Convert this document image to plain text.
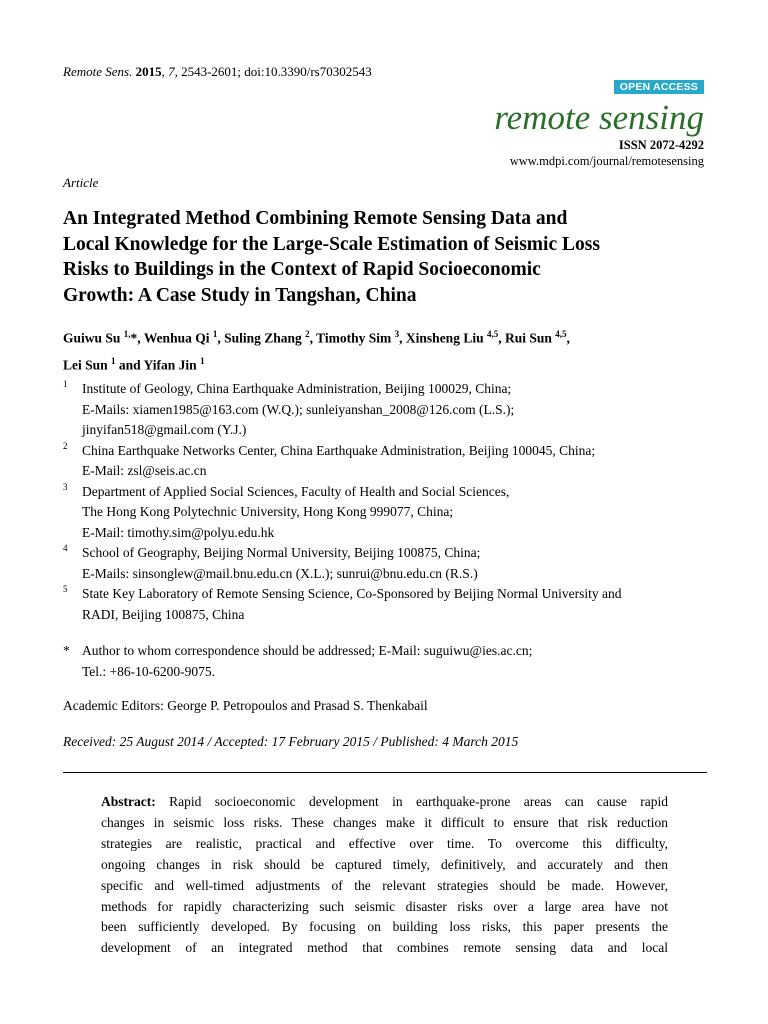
Remote Sens. 2015, 7, 2543-2601; doi:10.3390/rs70302543
OPEN ACCESS
remote sensing
ISSN 2072-4292
www.mdpi.com/journal/remotesensing
Article
An Integrated Method Combining Remote Sensing Data and
Local Knowledge for the Large-Scale Estimation of Seismic Loss
Risks to Buildings in the Context of Rapid Socioeconomic
Growth: A Case Study in Tangshan, China
Guiwu Su $^{1,}$*, Wenhua Qi $^1$, Suling Zhang $^2$, Timothy Sim $^3$, Xinsheng Liu $^{4,5}$, Rui Sun $^{4,5}$,
Lei Sun $^1$ and Yifan Jin $^1$
1 Institute of Geology, China Earthquake Administration, Beijing 100029, China;
E-Mails: xiamen1985@163.com (W.Q.); sunleiyanshan_2008@126.com (L.S.);
jinyifan518@gmail.com (Y.J.)
2 China Earthquake Networks Center, China Earthquake Administration, Beijing 100045, China;
E-Mail: zsl@seis.ac.cn
3 Department of Applied Social Sciences, Faculty of Health and Social Sciences,
The Hong Kong Polytechnic University, Hong Kong 999077, China;
E-Mail: timothy.sim@polyu.edu.hk
4 School of Geography, Beijing Normal University, Beijing 100875, China;
E-Mails: sinsonglew@mail.bnu.edu.cn (X.L.); sunrui@bnu.edu.cn (R.S.)
5 State Key Laboratory of Remote Sensing Science, Co-Sponsored by Beijing Normal University and
RADI, Beijing 100875, China
* Author to whom correspondence should be addressed; E-Mail: suguiwu@ies.ac.cn;
Tel.: +86-10-6200-9075.
Academic Editors: George P. Petropoulos and Prasad S. Thenkabail
Received: 25 August 2014 / Accepted: 17 February 2015 / Published: 4 March 2015
Abstract: Rapid socioeconomic development in earthquake-prone areas can cause rapid
changes in seismic loss risks. These changes make it difficult to ensure that risk reduction
strategies are realistic, practical and effective over time. To overcome this difficulty,
ongoing changes in risk should be captured timely, definitively, and accurately and then
specific and well-timed adjustments of the relevant strategies should be made. However,
methods for rapidly characterizing such seismic disaster risks over a large area have not
been sufficiently developed. By focusing on building loss risks, this paper presents the
development of an integrated method that combines remote sensing data and local
